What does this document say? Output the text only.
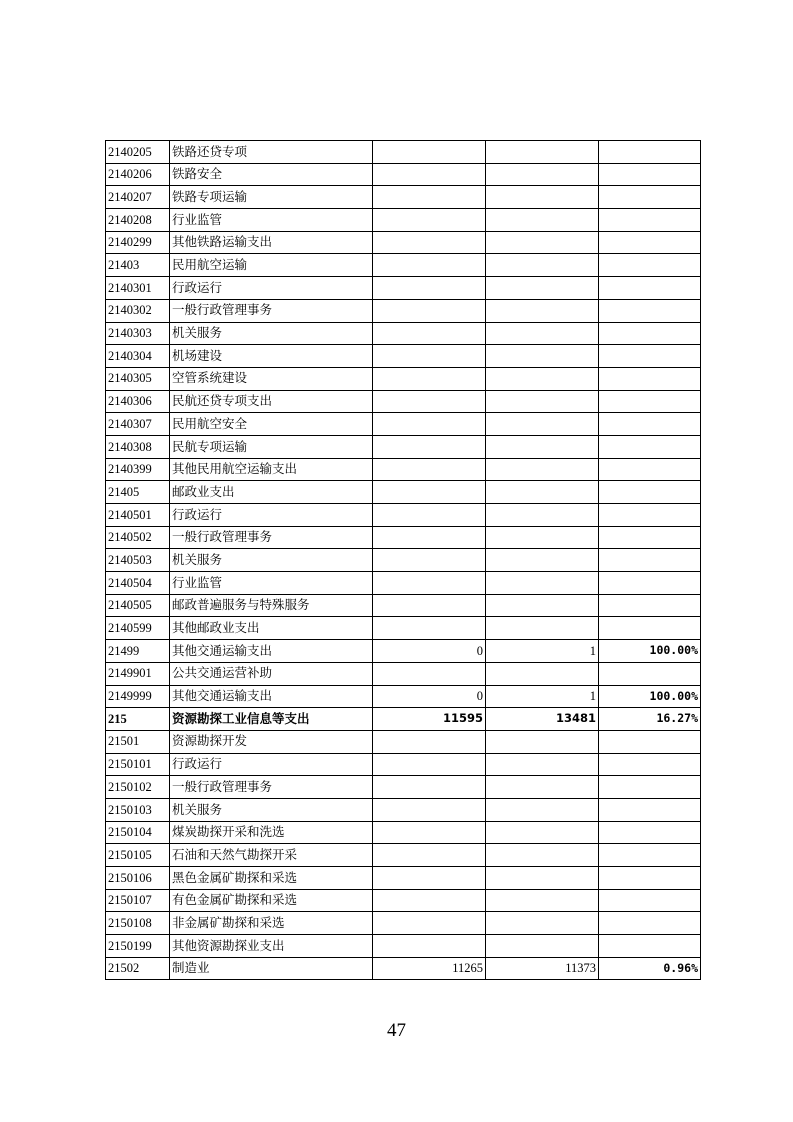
2140205	铁路还贷专项			
2140206	铁路安全			
2140207	铁路专项运输			
2140208	行业监管			
2140299	其他铁路运输支出			
21403	民用航空运输			
2140301	行政运行			
2140302	一般行政管理事务			
2140303	机关服务			
2140304	机场建设			
2140305	空管系统建设			
2140306	民航还贷专项支出			
2140307	民用航空安全			
2140308	民航专项运输			
2140399	其他民用航空运输支出			
21405	邮政业支出			
2140501	行政运行			
2140502	一般行政管理事务			
2140503	机关服务			
2140504	行业监管			
2140505	邮政普遍服务与特殊服务			
2140599	其他邮政业支出			
21499	其他交通运输支出	0	1	100.00%
2149901	公共交通运营补助			
2149999	其他交通运输支出	0	1	100.00%
215	资源勘探工业信息等支出	11595	13481	16.27%
21501	资源勘探开发			
2150101	行政运行			
2150102	一般行政管理事务			
2150103	机关服务			
2150104	煤炭勘探开采和洗选			
2150105	石油和天然气勘探开采			
2150106	黑色金属矿勘探和采选			
2150107	有色金属矿勘探和采选			
2150108	非金属矿勘探和采选			
2150199	其他资源勘探业支出			
21502	制造业	11265	11373	0.96%
47
